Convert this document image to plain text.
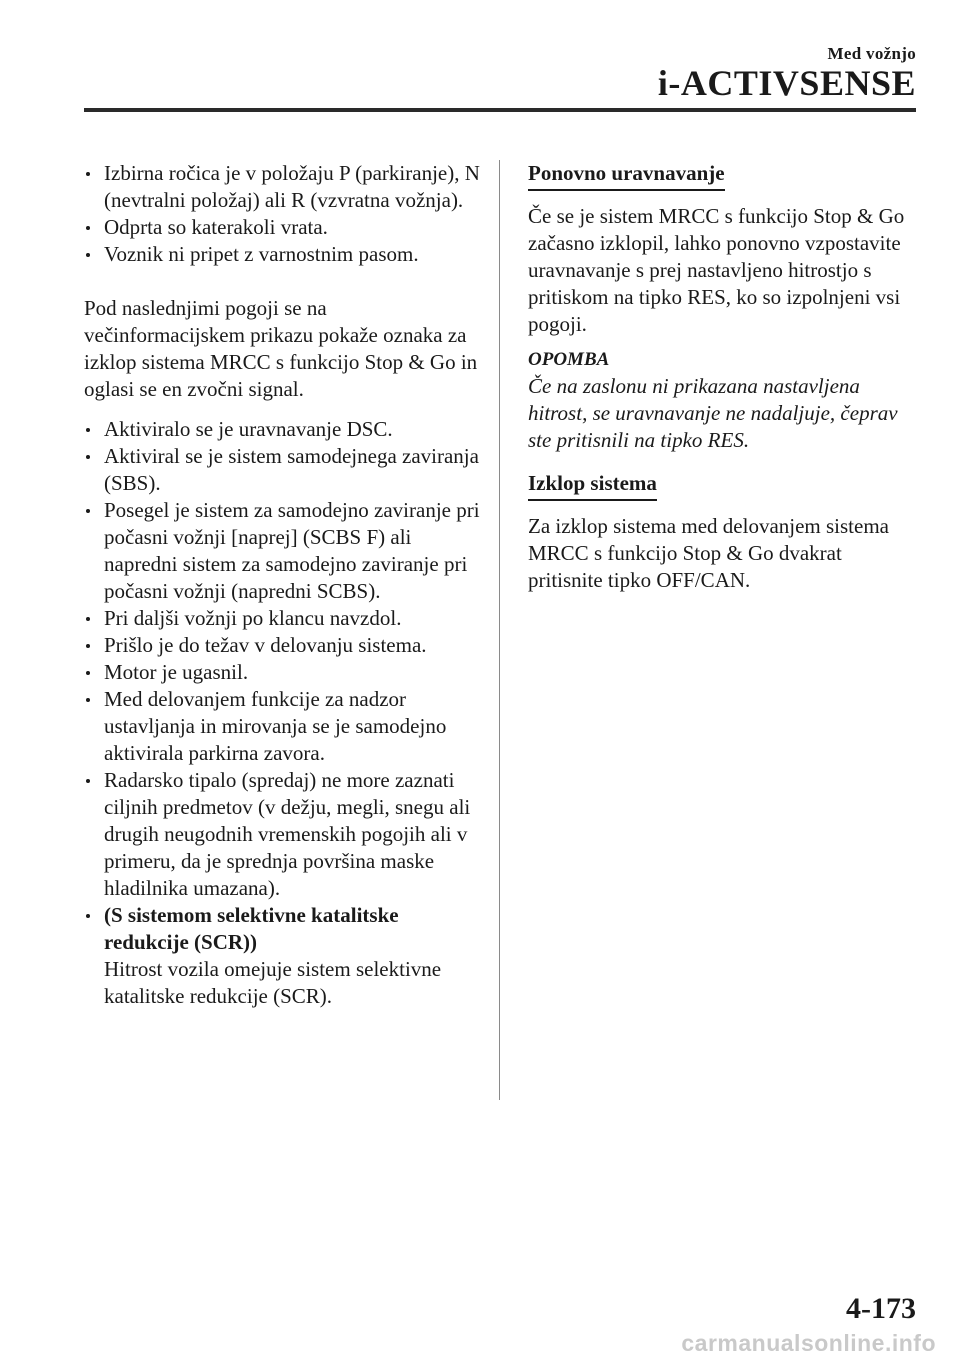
Med vožnjo
i-ACTIVSENSE
Izbirna ročica je v položaju P (parkiranje), N (nevtralni položaj) ali R (vzvratna vožnja).
Odprta so katerakoli vrata.
Voznik ni pripet z varnostnim pasom.

Pod naslednjimi pogoji se na večinformacijskem prikazu pokaže oznaka za izklop sistema MRCC s funkcijo Stop & Go in oglasi se en zvočni signal.

Aktiviralo se je uravnavanje DSC.
Aktiviral se je sistem samodejnega zaviranja (SBS).
Posegel je sistem za samodejno zaviranje pri počasni vožnji [naprej] (SCBS F) ali napredni sistem za samodejno zaviranje pri počasni vožnji (napredni SCBS).
Pri daljši vožnji po klancu navzdol.
Prišlo je do težav v delovanju sistema.
Motor je ugasnil.
Med delovanjem funkcije za nadzor ustavljanja in mirovanja se je samodejno aktivirala parkirna zavora.
Radarsko tipalo (spredaj) ne more zaznati ciljnih predmetov (v dežju, megli, snegu ali drugih neugodnih vremenskih pogojih ali v primeru, da je sprednja površina maske hladilnika umazana).
(S sistemom selektivne katalitske redukcije (SCR))
Hitrost vozila omejuje sistem selektivne katalitske redukcije (SCR).
Ponovno uravnavanje

Če se je sistem MRCC s funkcijo Stop & Go začasno izklopil, lahko ponovno vzpostavite uravnavanje s prej nastavljeno hitrostjo s pritiskom na tipko RES, ko so izpolnjeni vsi pogoji.

OPOMBA
Če na zaslonu ni prikazana nastavljena hitrost, se uravnavanje ne nadaljuje, čeprav ste pritisnili na tipko RES.
Izklop sistema

Za izklop sistema med delovanjem sistema MRCC s funkcijo Stop & Go dvakrat pritisnite tipko OFF/CAN.

4-173
carmanualsonline.info
